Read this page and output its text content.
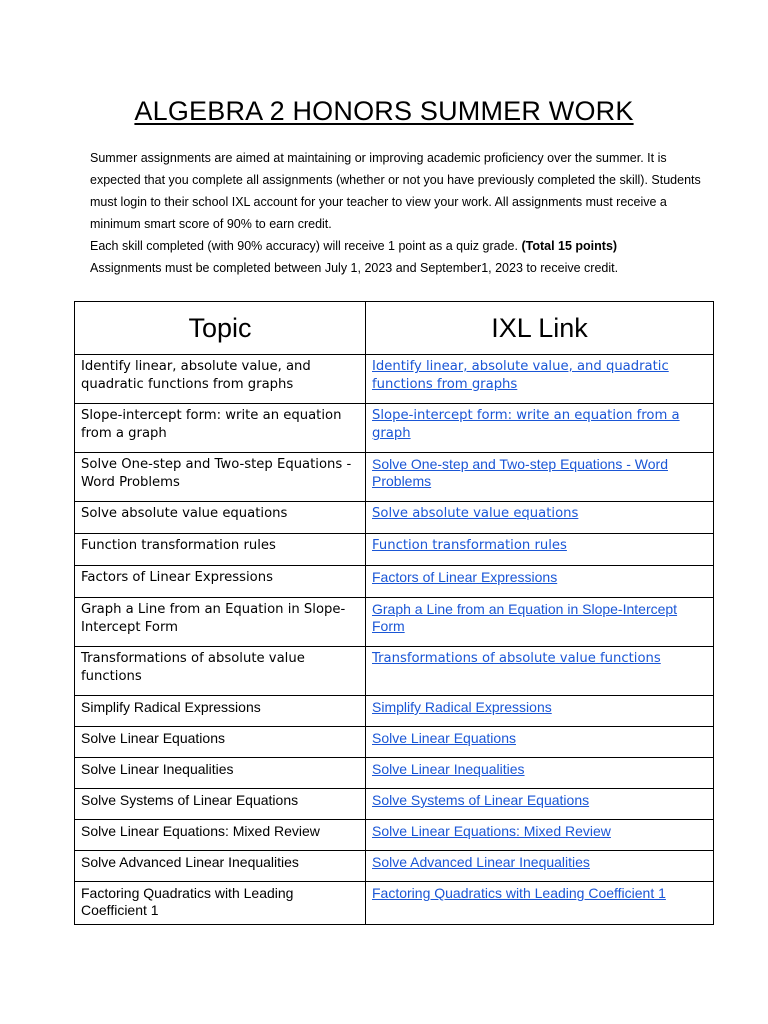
ALGEBRA 2 HONORS SUMMER WORK

Summer assignments are aimed at maintaining or improving academic proficiency over the summer. It is expected that you complete all assignments (whether or not you have previously completed the skill). Students must login to their school IXL account for your teacher to view your work. All assignments must receive a minimum smart score of 90% to earn credit.

Each skill completed (with 90% accuracy) will receive 1 point as a quiz grade. (Total 15 points)

Assignments must be completed between July 1, 2023 and September1, 2023 to receive credit.

Topic	IXL Link
Identify linear, absolute value, and quadratic functions from graphs	Identify linear, absolute value, and quadratic functions from graphs
Slope-intercept form: write an equation from a graph	Slope-intercept form: write an equation from a graph
Solve One-step and Two-step Equations - Word Problems	Solve One-step and Two-step Equations - Word Problems
Solve absolute value equations	Solve absolute value equations
Function transformation rules	Function transformation rules
Factors of Linear Expressions	Factors of Linear Expressions
Graph a Line from an Equation in Slope-Intercept Form	Graph a Line from an Equation in Slope-Intercept Form
Transformations of absolute value functions	Transformations of absolute value functions
Simplify Radical Expressions	Simplify Radical Expressions
Solve Linear Equations	Solve Linear Equations
Solve Linear Inequalities	Solve Linear Inequalities
Solve Systems of Linear Equations	Solve Systems of Linear Equations
Solve Linear Equations: Mixed Review	Solve Linear Equations: Mixed Review
Solve Advanced Linear Inequalities	Solve Advanced Linear Inequalities
Factoring Quadratics with Leading Coefficient 1	Factoring Quadratics with Leading Coefficient 1
